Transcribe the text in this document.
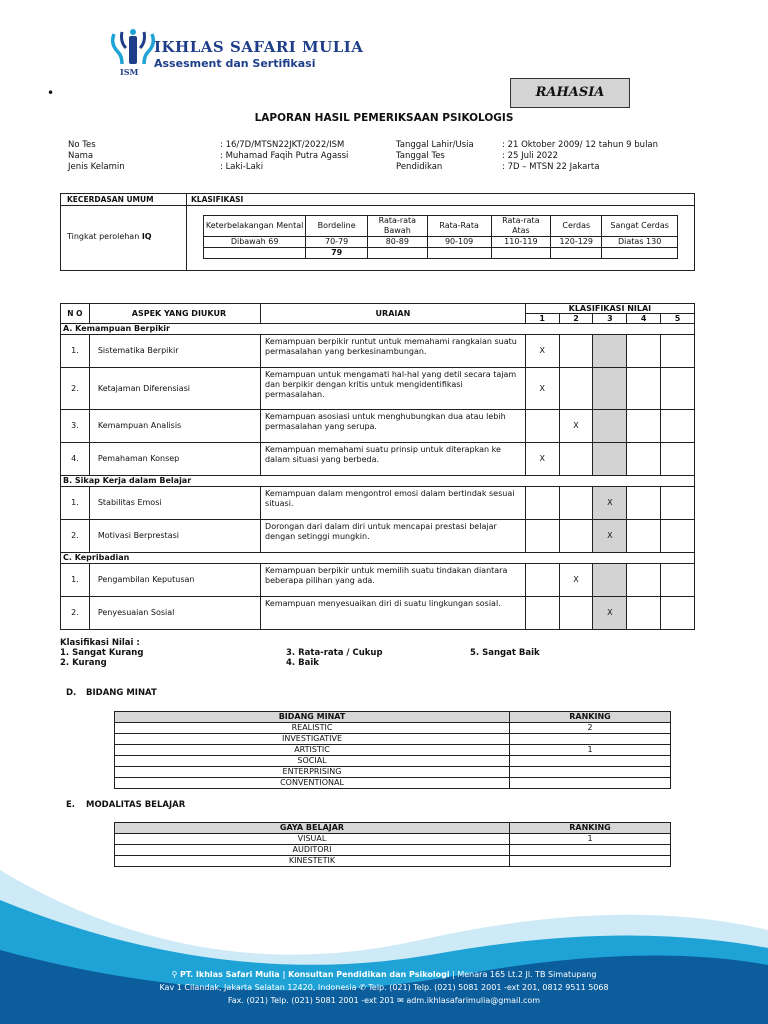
IKHLAS SAFARI MULIA
Assesment dan Sertifikasi
ISM
•	RAHASIA
LAPORAN HASIL PEMERIKSAAN PSIKOLOGIS
No Tes	: 16/7D/MTSN22JKT/2022/ISM
Nama	: Muhamad Faqih Putra Agassi
Jenis Kelamin	: Laki-Laki
Tanggal Lahir/Usia	: 21 Oktober 2009/ 12 tahun 9 bulan
Tanggal Tes	: 25 Juli 2022
Pendidikan	: 7D – MTSN 22 Jakarta
KECERDASAN UMUM	KLASIFIKASI
Tingkat perolehan IQ
Keterbelakangan Mental	Bordeline	Rata-rata Bawah	Rata-Rata	Rata-rata Atas	Cerdas	Sangat Cerdas
Dibawah 69	70-79	80-89	90-109	110-119	120-129	Diatas 130
	79					
N O	ASPEK YANG DIUKUR	URAIAN	KLASIFIKASI NILAI				
			1	2	3	4	5
A. Kemampuan Berpikir							
1.	Sistematika Berpikir	Kemampuan berpikir runtut untuk memahami rangkaian suatu permasalahan yang berkesinambungan.	X				
2.	Ketajaman Diferensiasi	Kemampuan untuk mengamati hal-hal yang detil secara tajam dan berpikir dengan kritis untuk mengidentifikasi permasalahan.	X				
3.	Kemampuan Analisis	Kemampuan asosiasi untuk menghubungkan dua atau lebih permasalahan yang serupa.		X			
4.	Pemahaman Konsep	Kemampuan memahami suatu prinsip untuk diterapkan ke dalam situasi yang berbeda.	X				
B. Sikap Kerja dalam Belajar							
1.	Stabilitas Emosi	Kemampuan dalam mengontrol emosi dalam bertindak sesuai situasi.			X		
2.	Motivasi Berprestasi	Dorongan dari dalam diri untuk mencapai prestasi belajar dengan setinggi mungkin.			X		
C. Kepribadian							
1.	Pengambilan Keputusan	Kemampuan berpikir untuk memilih suatu tindakan diantara beberapa pilihan yang ada.		X			
2.	Penyesuaian Sosial	Kemampuan menyesuaikan diri di suatu lingkungan sosial.			X		
Klasifikasi Nilai :
1. Sangat Kurang
2. Kurang
3. Rata-rata / Cukup
4. Baik
5. Sangat Baik
D. BIDANG MINAT
BIDANG MINAT	RANKING
REALISTIC	2
INVESTIGATIVE	
ARTISTIC	1
SOCIAL	
ENTERPRISING	
CONVENTIONAL	
E. MODALITAS BELAJAR
GAYA BELAJAR	RANKING
VISUAL	1
AUDITORI	
KINESTETIK	
⚲ PT. Ikhlas Safari Mulia | Konsultan Pendidikan dan Psikologi | Menara 165 Lt.2 Jl. TB Simatupang
Kav 1 Cilandak, Jakarta Selatan 12420, Indonesia ✆ Telp. (021) Telp. (021) 5081 2001 -ext 201, 0812 9511 5068
Fax. (021) Telp. (021) 5081 2001 -ext 201 ✉ adm.ikhlasafarimulia@gmail.com
